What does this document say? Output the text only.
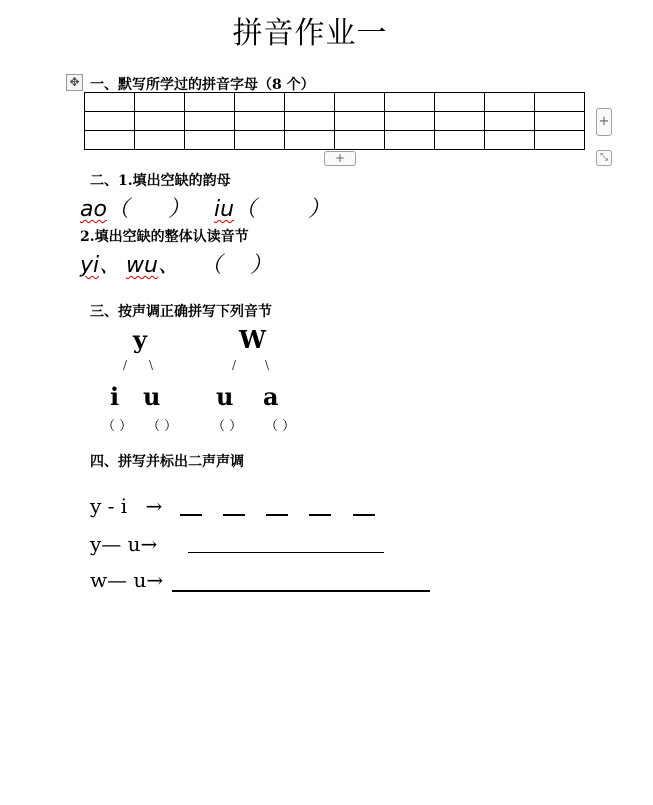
拼音作业一
✥ 一、默写所学过的拼音字母（8 个）

+
+	⤡
二、1.填出空缺的韵母
ao（ ） iu（ ）
2.填出空缺的整体认读音节
yi、 wu、 （ ）
三、按声调正确拼写下列音节
y
/ \
i u
（ ） （ ）
W
/ \
u a
（ ） （ ）
四、拼写并标出二声声调
y - i →
y— u→
w— u→
